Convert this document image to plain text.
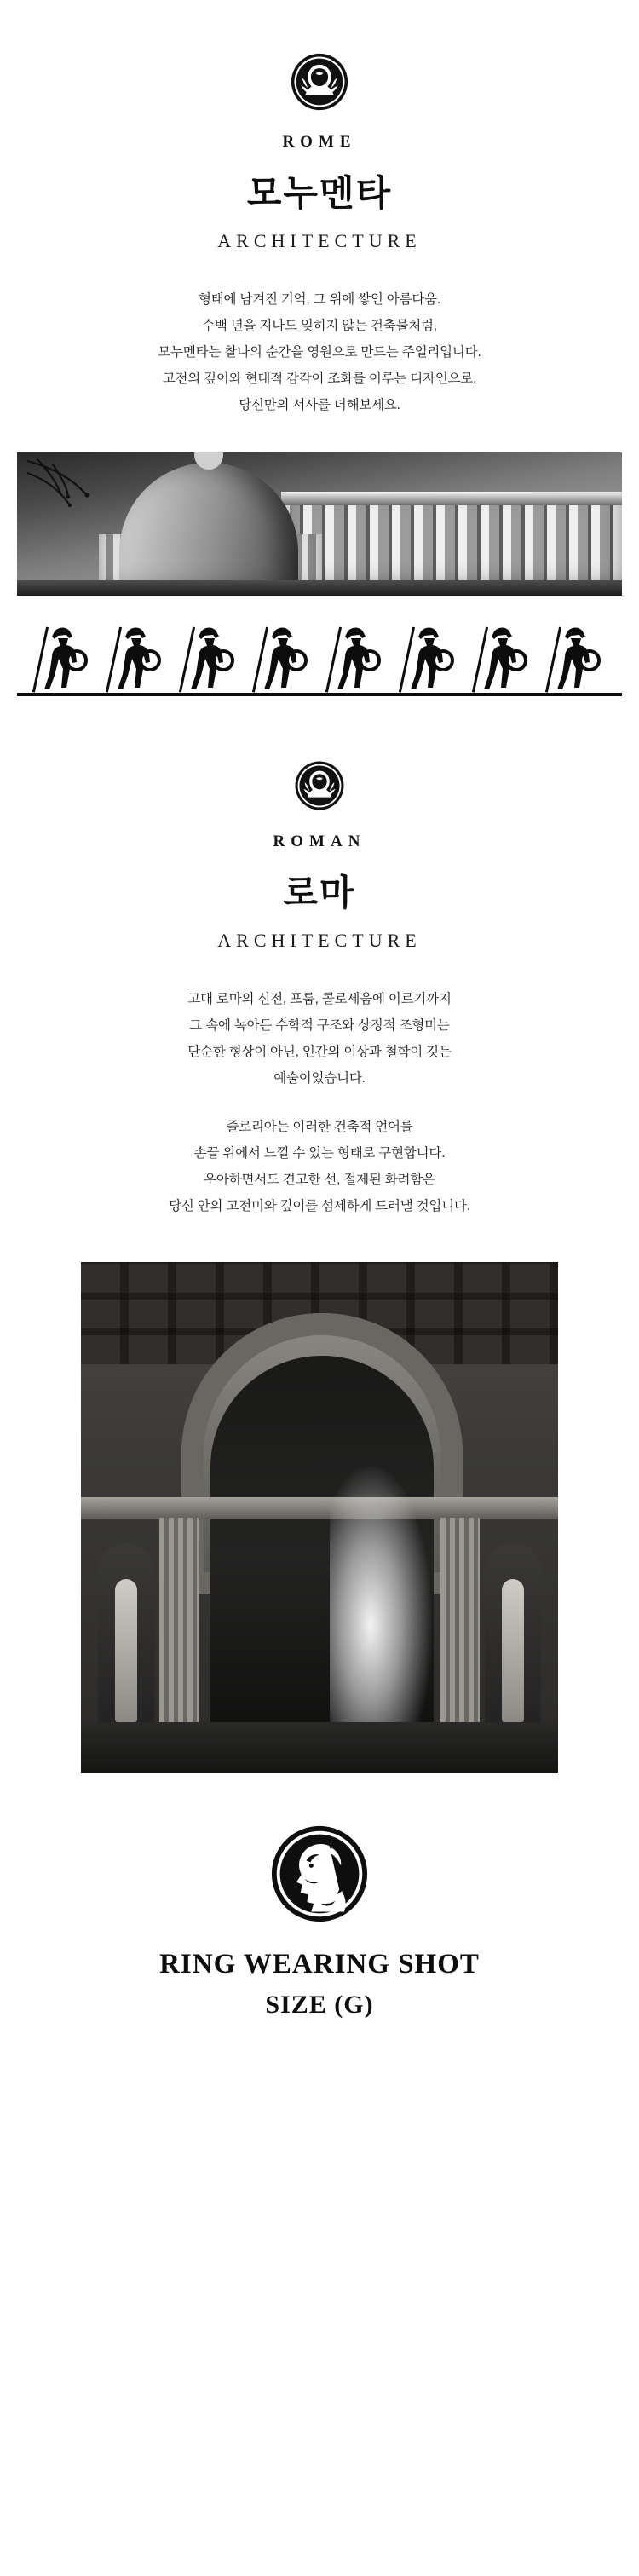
ROME
모누멘타
ARCHITECTURE

형태에 남겨진 기억, 그 위에 쌓인 아름다움.

수백 년을 지나도 잊히지 않는 건축물처럼,

모누멘타는 찰나의 순간을 영원으로 만드는 주얼리입니다.

고전의 깊이와 현대적 감각이 조화를 이루는 디자인으로,

당신만의 서사를 더해보세요.

ROMAN
로마
ARCHITECTURE

고대 로마의 신전, 포룸, 콜로세움에 이르기까지

그 속에 녹아든 수학적 구조와 상징적 조형미는

단순한 형상이 아닌, 인간의 이상과 철학이 깃든

예술이었습니다.

즐로리아는 이러한 건축적 언어를

손끝 위에서 느낄 수 있는 형태로 구현합니다.

우아하면서도 견고한 선, 절제된 화려함은

당신 안의 고전미와 깊이를 섬세하게 드러낼 것입니다.

RING WEARING SHOT
SIZE (G)
